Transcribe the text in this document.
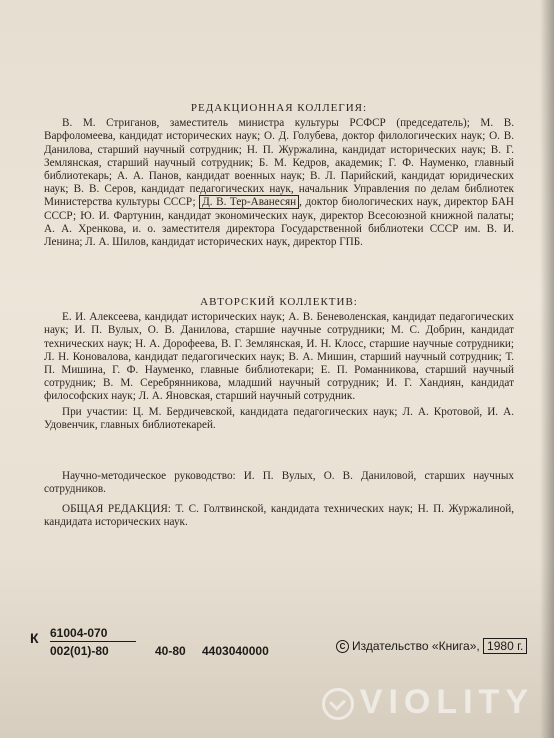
РЕДАКЦИОННАЯ КОЛЛЕГИЯ:

В. М. Стриганов, заместитель министра культуры РСФСР (председатель); М. В. Варфоломеева, кандидат исторических наук; О. Д. Голубева, доктор филологических наук; О. В. Данилова, старший научный сотрудник; Н. П. Журжалина, кандидат исторических наук; В. Г. Землянская, старший научный сотрудник; Б. М. Кедров, академик; Г. Ф. Науменко, главный библиотекарь; А. А. Панов, кандидат военных наук; В. Л. Парийский, кандидат юридических наук; В. В. Серов, кандидат педагогических наук, начальник Управления по делам библиотек Министерства культуры СССР; Д. В. Тер-Аванесян , доктор биологических наук, директор БАН СССР; Ю. И. Фартунин, кандидат экономических наук, директор Всесоюзной книжной палаты; А. А. Хренкова, и. о. заместителя директора Государственной библиотеки СССР им. В. И. Ленина; Л. А. Шилов, кандидат исторических наук, директор ГПБ.

АВТОРСКИЙ КОЛЛЕКТИВ:

Е. И. Алексеева, кандидат исторических наук; А. В. Беневоленская, кандидат педагогических наук; И. П. Вулых, О. В. Данилова, старшие научные сотрудники; М. С. Добрин, кандидат технических наук; Н. А. Дорофеева, В. Г. Землянская, И. Н. Клосс, старшие научные сотрудники; Л. Н. Коновалова, кандидат педагогических наук; В. А. Мишин, старший научный сотрудник; Т. П. Мишина, Г. Ф. Науменко, главные библиотекари; Е. П. Романникова, старший научный сотрудник; В. М. Серебрянникова, младший научный сотрудник; И. Г. Хандиян, кандидат философских наук; Л. А. Яновская, старший научный сотрудник.

При участии: Ц. М. Бердичевской, кандидата педагогических наук; Л. А. Кротовой, И. А. Удовенчик, главных библиотекарей.

Научно-методическое руководство: И. П. Вулых, О. В. Даниловой, старших научных сотрудников.

ОБЩАЯ РЕДАКЦИЯ: Т. С. Голтвинской, кандидата технических наук; Н. П. Журжалиной, кандидата исторических наук.

К 61004-070
002(01)-80	40-80 4403040000	С Издательство «Книга», 1980 г.
VIOLITY
